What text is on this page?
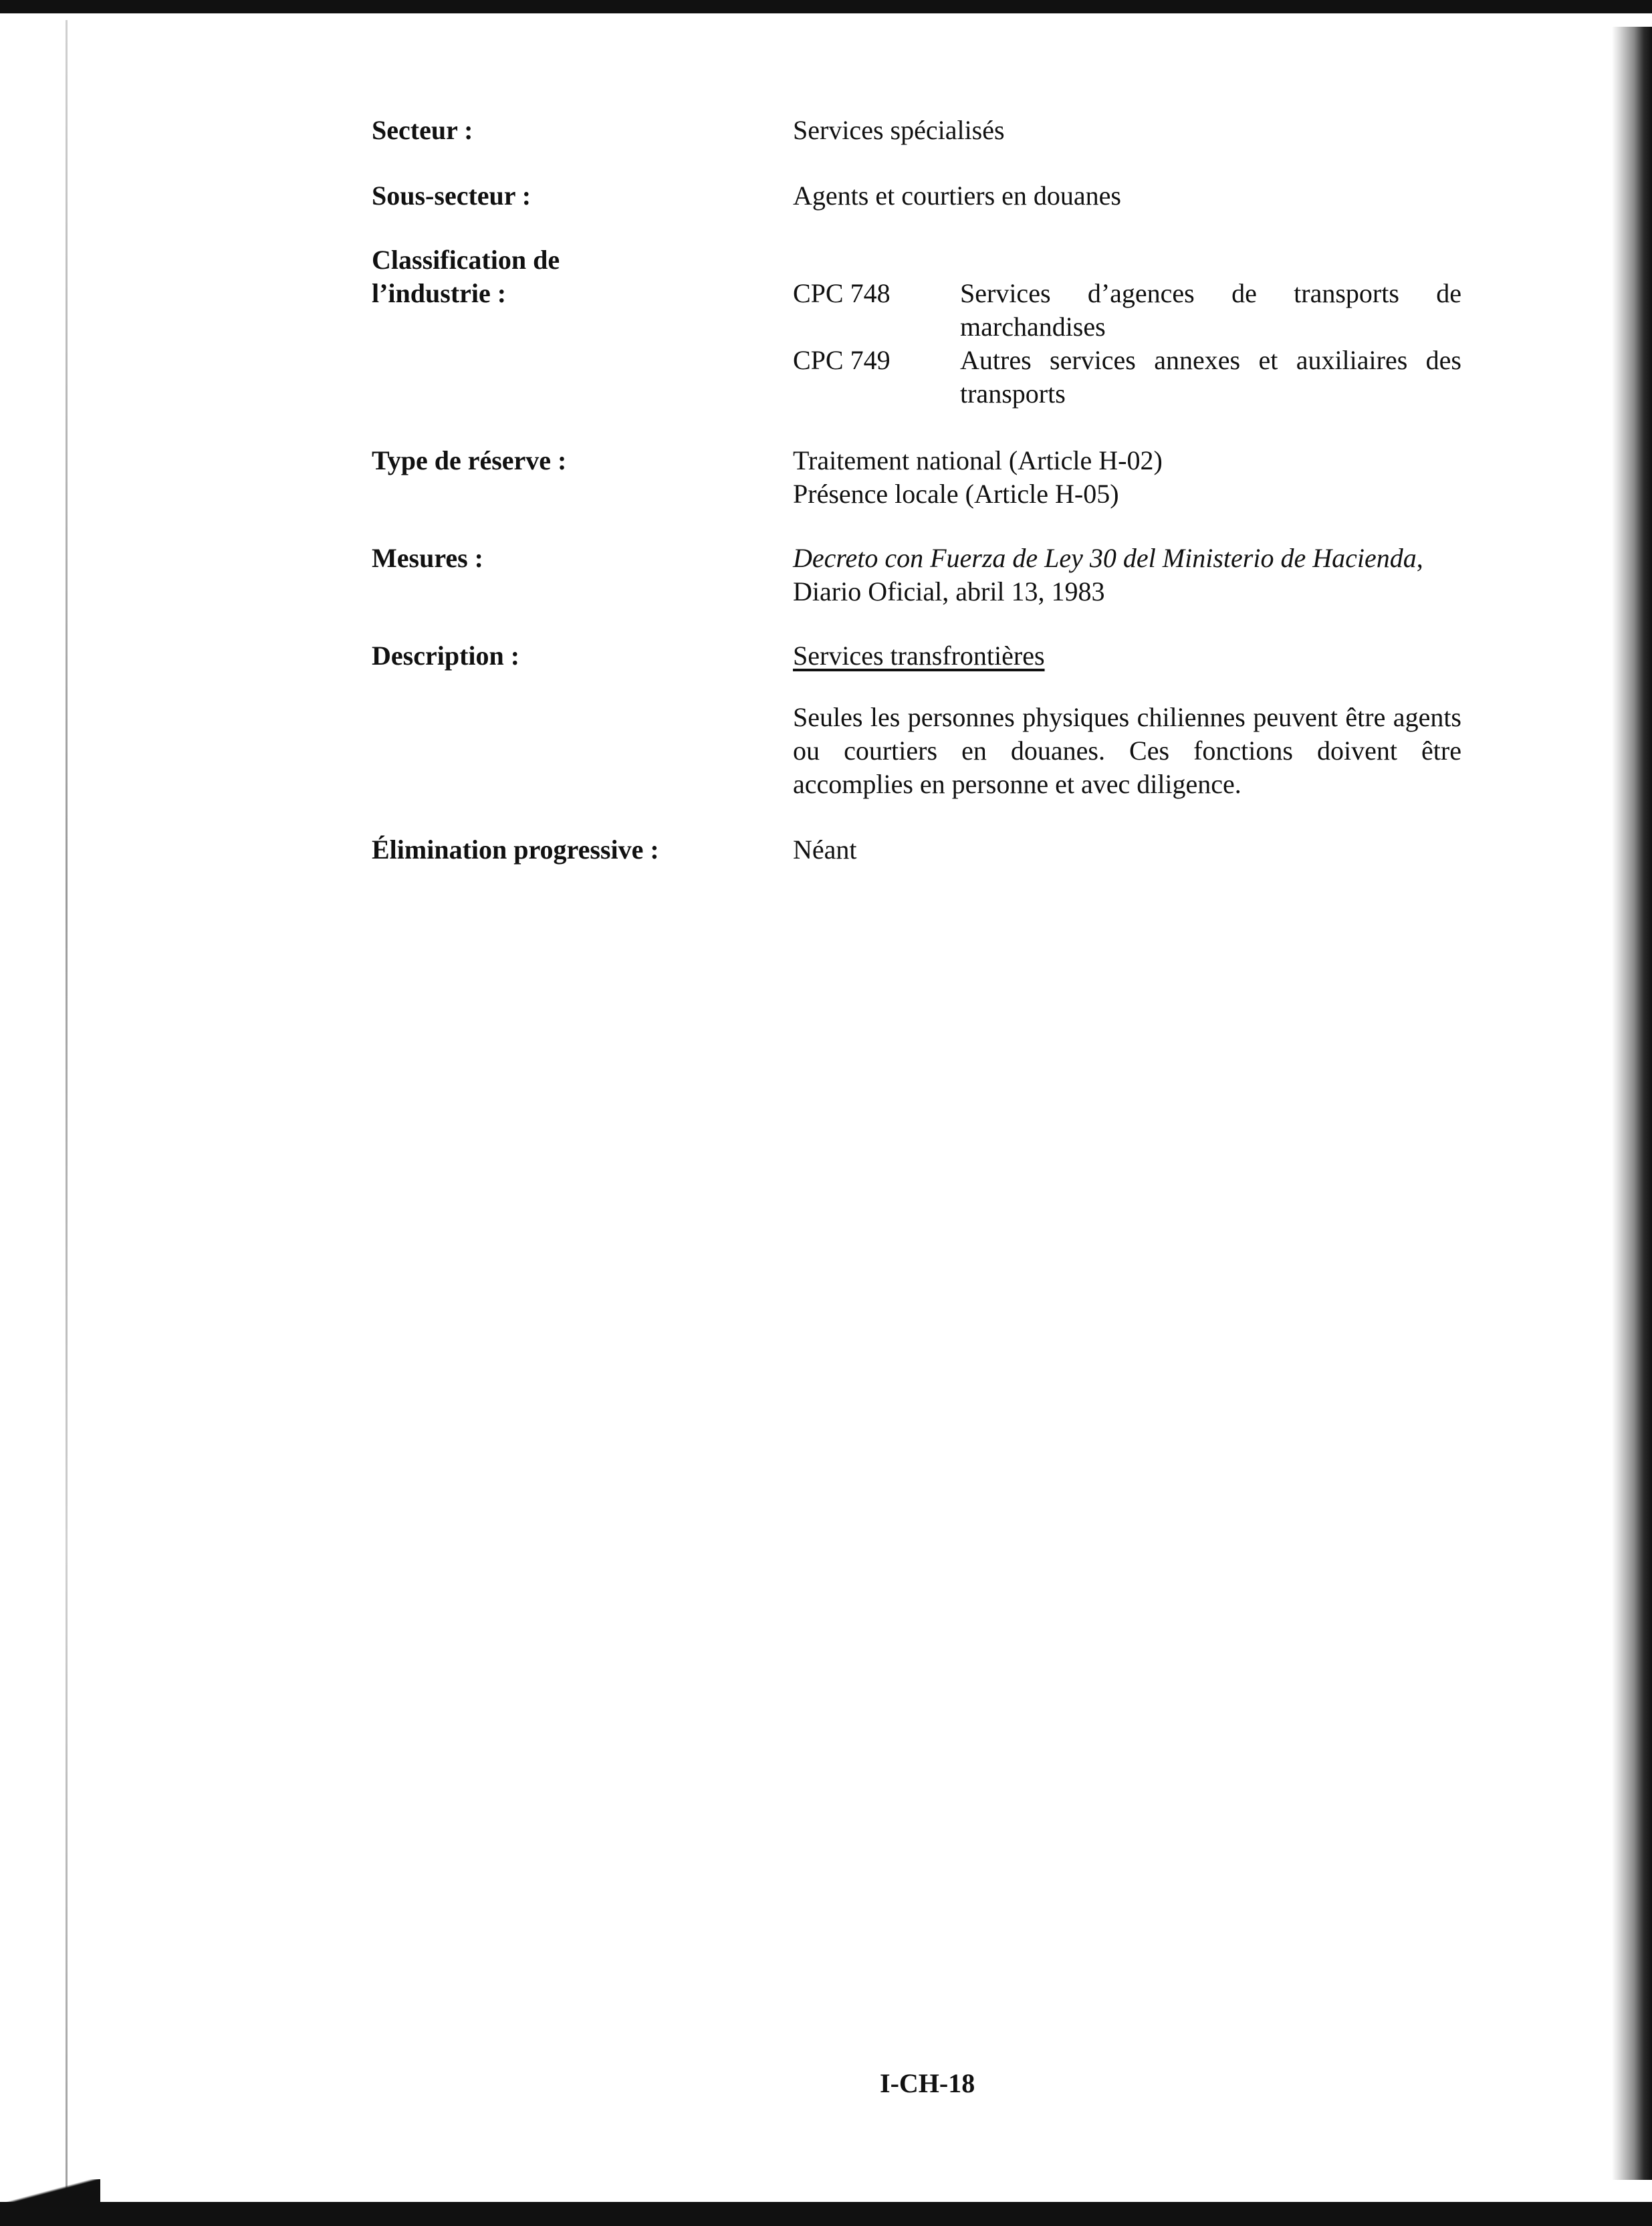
Secteur :	Services spécialisés
Sous-secteur :	Agents et courtiers en douanes
Classification de
l’industrie :	CPC 748	Services d’agences de transports de
marchandises
CPC 749	Autres services annexes et auxiliaires des
transports
Type de réserve :	Traitement national (Article H-02)
Présence locale (Article H-05)
Mesures :	Decreto con Fuerza de Ley 30 del Ministerio de Hacienda,
Diario Oficial, abril 13, 1983
Description :	Services transfrontières
Seules les personnes physiques chiliennes peuvent être agents ou courtiers en douanes. Ces fonctions doivent être accomplies en personne et avec diligence.
Élimination progressive :	Néant
I-CH-18
